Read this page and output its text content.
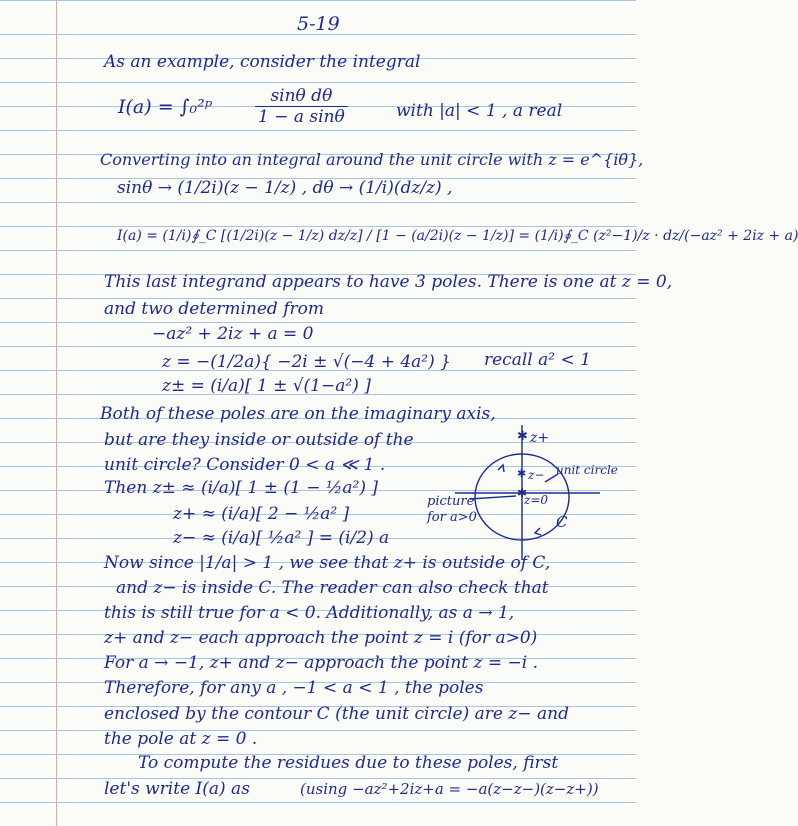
5-19
As an example, consider the integral
I(a) = ∫₀²ᵖ	$\frac{\text{sinθ dθ}}{\text{1 − a sinθ}}$	with |a| < 1 , a real
Converting into an integral around the unit circle with z = e^{iθ},
sinθ → (1/2i)(z − 1/z) , dθ → (1/i)(dz/z) ,
I(a) = (1/i)∮_C [(1/2i)(z − 1/z) dz/z] / [1 − (a/2i)(z − 1/z)] = (1/i)∮_C (z²−1)/z · dz/(−az² + 2iz + a)
This last integrand appears to have 3 poles. There is one at z = 0,
and two determined from
−az² + 2iz + a = 0
z = −(1/2a){ −2i ± √(−4 + 4a²) } recall a² < 1
z± = (i/a)[ 1 ± √(1−a²) ]
Both of these poles are on the imaginary axis,
but are they inside or outside of the
unit circle? Consider 0 < a ≪ 1 .
Then z± ≈ (i/a)[ 1 ± (1 − ½a²) ]
z+ ≈ (i/a)[ 2 − ½a² ]
z− ≈ (i/a)[ ½a² ] = (i/2) a
✱
✱
✱
z+
z−
z=0
unit circle
C
picture
for a>0
Now since |1/a| > 1 , we see that z+ is outside of C,
and z− is inside C. The reader can also check that
this is still true for a < 0. Additionally, as a → 1,
z+ and z− each approach the point z = i (for a>0)
For a → −1, z+ and z− approach the point z = −i .
Therefore, for any a , −1 < a < 1 , the poles
enclosed by the contour C (the unit circle) are z− and
the pole at z = 0 .
To compute the residues due to these poles, first
let's write I(a) as	(using −az²+2iz+a = −a(z−z−)(z−z+))
